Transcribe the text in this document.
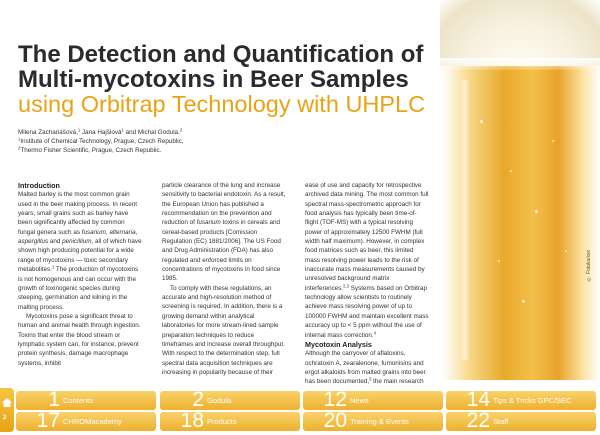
© Fotolia/xxx
The Detection and Quantification of
Multi-mycotoxins in Beer Samples
using Orbitrap Technology with UHPLC
Milena Zachariášová,$^1$ Jana Hajšlová$^1$ and Michal Godula,$^2$
$^1$Institute of Chemical Technology, Prague, Czech Republic,
$^2$Thermo Fisher Scientific, Prague, Czech Republic.
Introduction

Malted barley is the most common grain used in the beer making process. In recent years, small grains such as barley have been significantly affected by common fungal genera such as fusarium, alternaria, aspergillus and penicillium, all of which have shown high producing potential for a wide range of mycotoxins — toxic secondary metabolites.$^1$ The production of mycotoxins is not homogenous and can occur with the growth of toxinogenic species during steeping, germination and kilning in the malting process.

Mycotoxins pose a significant threat to human and animal health through ingestion. Toxins that enter the blood stream or lymphatic system can, for instance, prevent protein synthesis, damage macrophage systems, inhibit

particle clearance of the lung and increase sensitivity to bacterial endotoxin. As a result, the European Union has published a recommendation on the prevention and reduction of fusarium toxins in cereals and cereal-based products [Comission Regulation (EC) 1881/2006]. The US Food and Drug Administration (FDA) has also regulated and enforced limits on concentrations of mycotoxins in food since 1985.

To comply with these regulations, an accurate and high-resolution method of screening is required. In addition, there is a growing demand within analytical laboratories for more stream-lined sample preparation techniques to reduce timeframes and increase overall throughput. With respect to the determination step, full spectral data acquisition techniques are increasing in popularity because of their

ease of use and capacity for retrospective archived data mining. The most common full spectral mass-spectrometric approach for food analysis has typically been time-of-flight (TOF-MS) with a typical resolving power of approximately 12500 FWHM (full width half maximum). However, in complex food matrices such as beer, this limited mass resolving power leads to the risk of inaccurate mass measurements caused by unresolved background matrix interferences.$^{2,3}$ Systems based on Orbitrap technology allow scientists to routinely achieve mass resolving power of up to 100000 FWHM and maintain excellent mass accuracy up to < 5 ppm without the use of internal mass correction.$^4$

Mycotoxin Analysis

Although the carryover of aflatoxins, ochratoxin A, zearalenone, fumonisins and ergot alkaloids from malted grains into beer has been documented,$^5$ the main research

2
1 Contents	2 Godula	12 News	14 Tips & Tricks GPC/SEC
17 CHROMacademy	18 Products	20 Training & Events	22 Staff
